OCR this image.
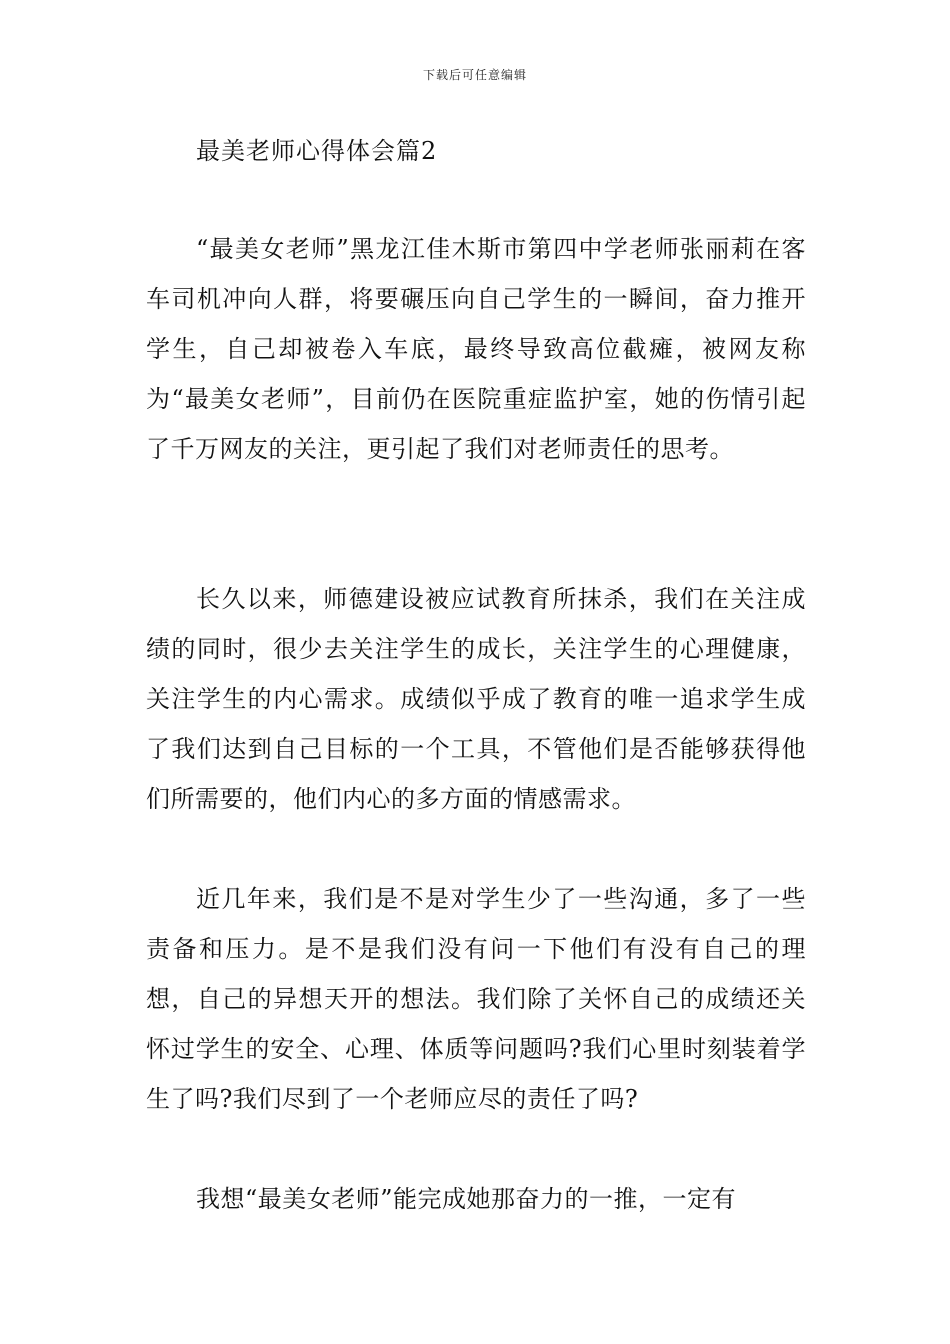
下载后可任意编辑
最美老师心得体会篇2

“最美女老师”黑龙江佳木斯市第四中学老师张丽莉在客车司机冲向人群，将要碾压向自己学生的一瞬间，奋力推开学生，自己却被卷入车底，最终导致高位截瘫，被网友称为“最美女老师”，目前仍在医院重症监护室，她的伤情引起了千万网友的关注，更引起了我们对老师责任的思考。

长久以来，师德建设被应试教育所抹杀，我们在关注成绩的同时，很少去关注学生的成长，关注学生的心理健康，关注学生的内心需求。成绩似乎成了教育的唯一追求学生成了我们达到自己目标的一个工具，不管他们是否能够获得他们所需要的，他们内心的多方面的情感需求。

近几年来，我们是不是对学生少了一些沟通，多了一些责备和压力。是不是我们没有问一下他们有没有自己的理想，自己的异想天开的想法。我们除了关怀自己的成绩还关怀过学生的安全、心理、体质等问题吗?我们心里时刻装着学生了吗?我们尽到了一个老师应尽的责任了吗?

我想“最美女老师”能完成她那奋力的一推，一定有
